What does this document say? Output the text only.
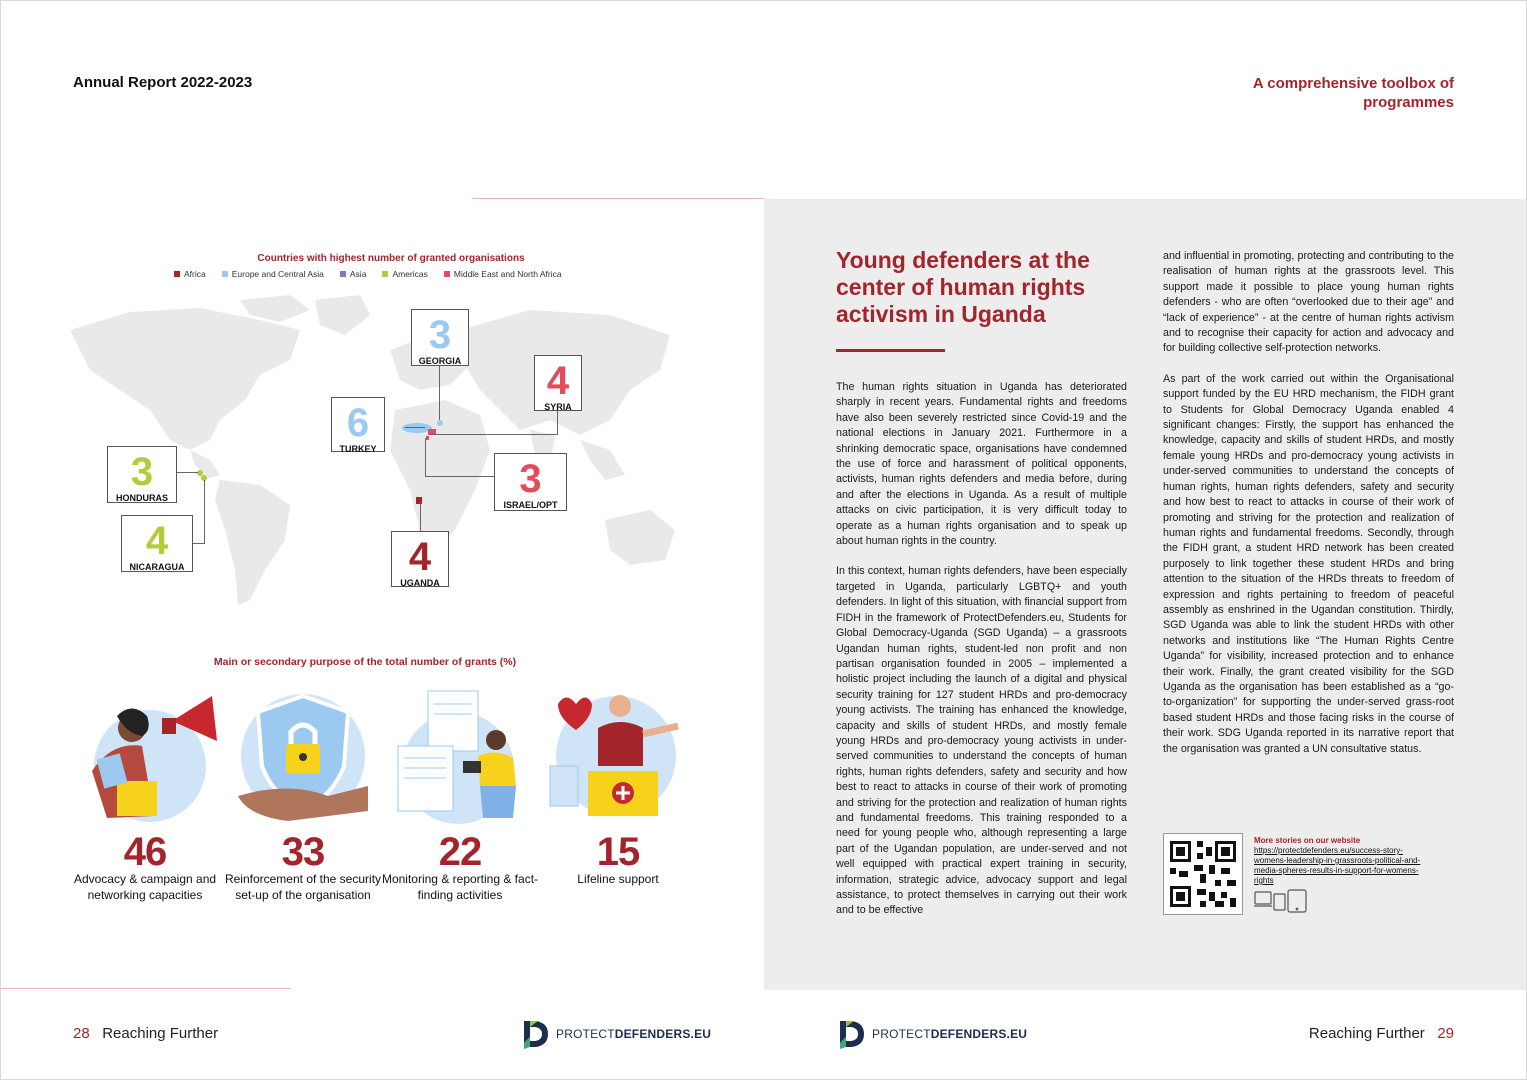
Annual Report 2022-2023	A comprehensive toolbox of programmes
Countries with highest number of granted organisations
Africa	Europe and Central Asia	Asia	Americas	Middle East and North Africa
3
GEORGIA
6
TURKEY
4
SYRIA
3
ISRAEL/OPT
3
HONDURAS
4
NICARAGUA	4
UGANDA
Main or secondary purpose of the total number of grants (%)
46
Advocacy & campaign and networking capacities
33
Reinforcement of the security set-up of the organisation
22
Monitoring & reporting & fact-finding activities
15
Lifeline support
Young defenders at the center of human rights activism in Uganda

The human rights situation in Uganda has deteriorated sharply in recent years. Fundamental rights and freedoms have also been severely restricted since Covid-19 and the national elections in January 2021. Furthermore in a shrinking democratic space, organisations have condemned the use of force and harassment of political opponents, activists, human rights defenders and media before, during and after the elections in Uganda. As a result of multiple attacks on civic participation, it is very difficult today to operate as a human rights organisation and to speak up about human rights in the country.

In this context, human rights defenders, have been especially targeted in Uganda, particularly LGBTQ+ and youth defenders. In light of this situation, with financial support from FIDH in the framework of ProtectDefenders.eu, Students for Global Democracy-Uganda (SGD Uganda) – a grassroots Ugandan human rights, student-led non profit and non partisan organisation founded in 2005 – implemented a holistic project including the launch of a digital and physical security training for 127 student HRDs and pro-democracy young activists. The training has enhanced the knowledge, capacity and skills of student HRDs, and mostly female young HRDs and pro-democracy young activists in under-served communities to understand the concepts of human rights, human rights defenders, safety and security and how best to react to attacks in course of their work of promoting and striving for the protection and realization of human rights and fundamental freedoms. This training responded to a need for young people who, although representing a large part of the Ugandan population, are under-served and not well equipped with practical expert training in security, information, strategic advice, advocacy support and legal assistance, to protect themselves in carrying out their work and to be effective

and influential in promoting, protecting and contributing to the realisation of human rights at the grassroots level. This support made it possible to place young human rights defenders - who are often “overlooked due to their age” and “lack of experience” - at the centre of human rights activism and to recognise their capacity for action and advocacy and for building collective self-protection networks.

As part of the work carried out within the Organisational support funded by the EU HRD mechanism, the FIDH grant to Students for Global Democracy Uganda enabled 4 significant changes: Firstly, the support has enhanced the knowledge, capacity and skills of student HRDs, and mostly female young HRDs and pro-democracy young activists in under-served communities to understand the concepts of human rights, human rights defenders, safety and security and how best to react to attacks in course of their work of promoting and striving for the protection and realization of human rights and fundamental freedoms. Secondly, through the FIDH grant, a student HRD network has been created purposely to link together these student HRDs and bring attention to the situation of the HRDs threats to freedom of expression and rights pertaining to freedom of peaceful assembly as enshrined in the Ugandan constitution. Thirdly, SGD Uganda was able to link the student HRDs with other networks and institutions like “The Human Rights Centre Uganda” for visibility, increased protection and to enhance their work. Finally, the grant created visibility for the SGD Uganda as the organisation has been established as a “go-to-organization” for supporting the under-served grass-root based student HRDs and those facing risks in the course of their work. SDG Uganda reported in its narrative report that the organisation was granted a UN consultative status.

More stories on our website
https://protectdefenders.eu/success-story-womens-leadership-in-grassroots-political-and-media-spheres-results-in-support-for-womens-rights
28 Reaching Further	Reaching Further 29
PROTECTDEFENDERS.EU	PROTECTDEFENDERS.EU
